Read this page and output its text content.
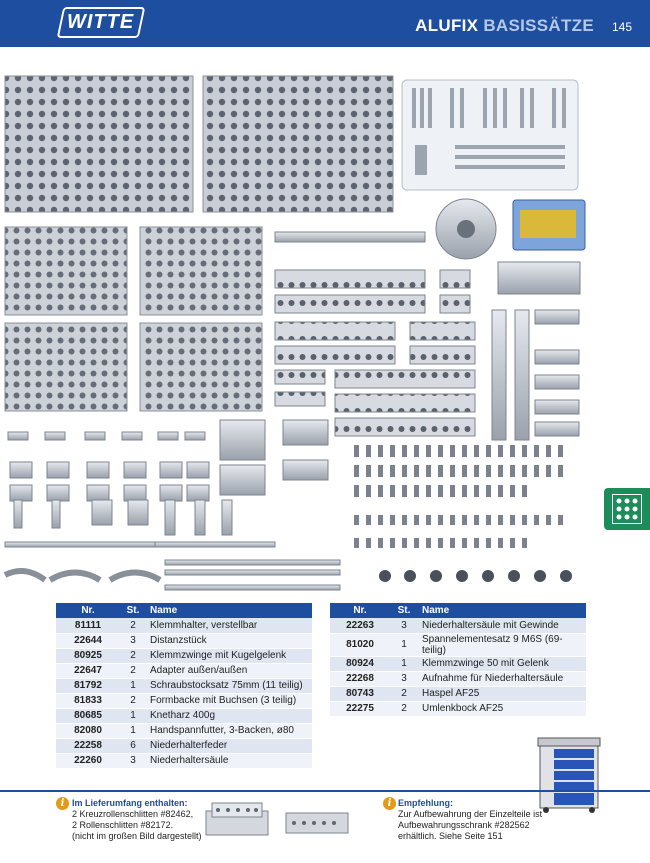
WITTE	ALUFIX BASISSÄTZE 145
Nr.	St.	Name
81111	2	Klemmhalter, verstellbar
22644	3	Distanzstück
80925	2	Klemmzwinge mit Kugelgelenk
22647	2	Adapter außen/außen
81792	1	Schraubstocksatz 75mm (11 teilig)
81833	2	Formbacke mit Buchsen (3 teilig)
80685	1	Knetharz 400g
82080	1	Handspannfutter, 3-Backen, ø80
22258	6	Niederhalterfeder
22260	3	Niederhaltersäule
Nr.	St.	Name
22263	3	Niederhaltersäule mit Gewinde
81020	1	Spannelementesatz 9 M6S (69-teilig)
80924	1	Klemmzwinge 50 mit Gelenk
22268	3	Aufnahme für Niederhaltersäule
80743	2	Haspel AF25
22275	2	Umlenkbock AF25
i Im Lieferumfang enthalten:
2 Kreuzrollenschlitten #82462,
2 Rollenschlitten #82172.
(nicht im großen Bild dargestellt)
i Empfehlung:
Zur Aufbewahrung der Einzelteile ist
Aufbewahrungsschrank #282562
erhältlich. Siehe Seite 151
